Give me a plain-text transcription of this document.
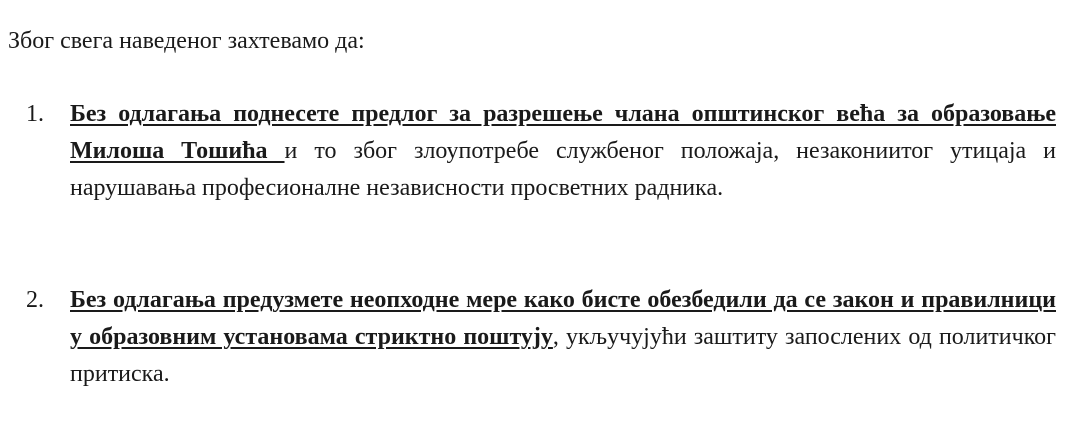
Због свега наведеног захтевамо да:
1.	Без одлагања поднесете предлог за разрешење члана општинског већа за образовање Милоша Тошића и то због злоупотребе службеног положаја, незакониитог утицаја и нарушавања професионалне независности просветних радника.
2.	Без одлагања предузмете неопходне мере како бисте обезбедили да се закон и правилници у образовним установама стриктно поштују, укључујући заштиту запослених од политичког притиска.
